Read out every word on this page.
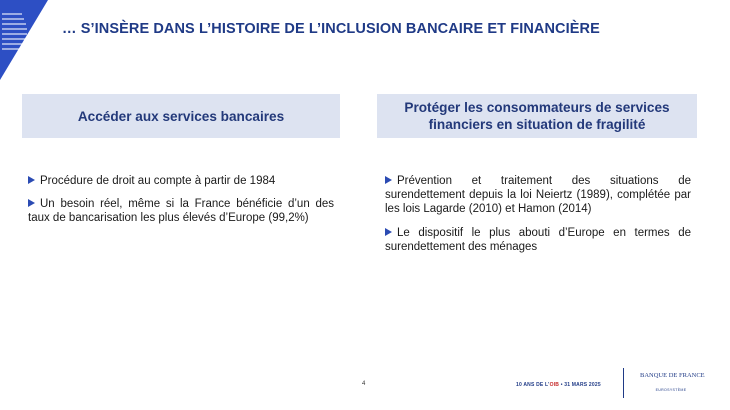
… S’INSÈRE DANS L’HISTOIRE DE L’INCLUSION BANCAIRE ET FINANCIÈRE
Accéder aux services bancaires
Protéger les consommateurs de services
financiers en situation de fragilité
Procédure de droit au compte à partir de 1984
Un besoin réel, même si la France bénéficie d’un des taux de bancarisation les plus élevés d’Europe (99,2%)
Prévention et traitement des situations de surendettement depuis la loi Neiertz (1989), complétée par les lois Lagarde (2010) et Hamon (2014)
Le dispositif le plus abouti d’Europe en termes de surendettement des ménages
4	10 ANS DE L’OIB • 31 MARS 2025
BANQUE DE FRANCE
EUROSYSTÈME
